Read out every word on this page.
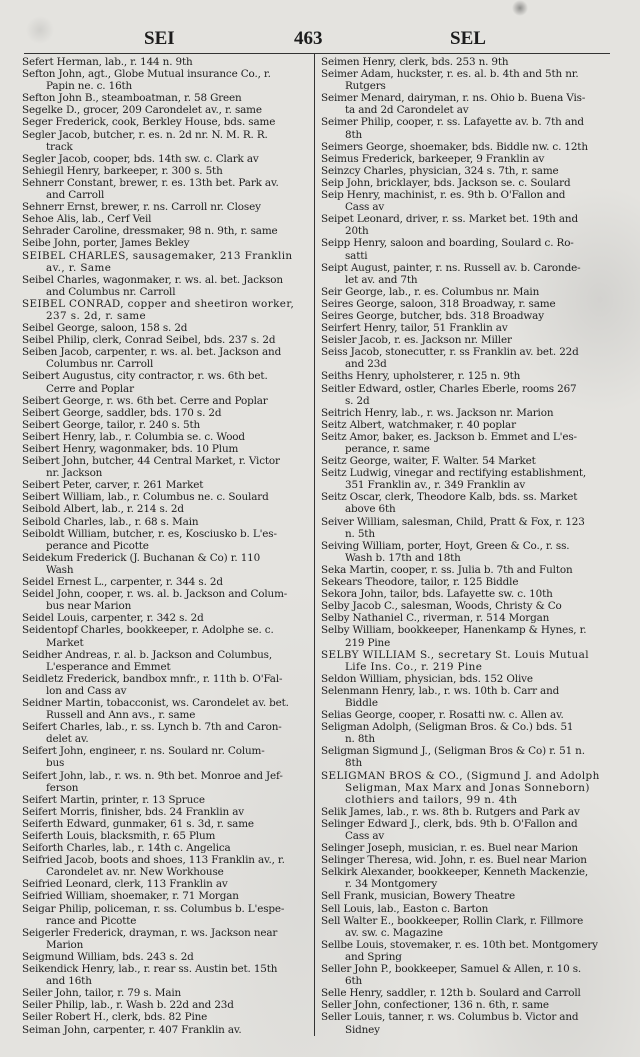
SEI	463	SEL

Sefert Herman, lab., r. 144 n. 9th

Sefton John, agt., Globe Mutual insurance Co., r.
Papin ne. c. 16th

Sefton John B., steamboatman, r. 58 Green

Segelke D., grocer, 209 Carondelet av., r. same

Seger Frederick, cook, Berkley House, bds. same

Segler Jacob, butcher, r. es. n. 2d nr. N. M. R. R.
track

Segler Jacob, cooper, bds. 14th sw. c. Clark av

Sehiegil Henry, barkeeper, r. 300 s. 5th

Sehnerr Constant, brewer, r. es. 13th bet. Park av.
and Carroll

Sehnerr Ernst, brewer, r. ns. Carroll nr. Closey

Sehoe Alis, lab., Cerf Veil

Sehrader Caroline, dressmaker, 98 n. 9th, r. same

Seibe John, porter, James Bekley

SEIBEL CHARLES, sausagemaker, 213 Franklin
av., r. Same

Seibel Charles, wagonmaker, r. ws. al. bet. Jackson
and Columbus nr. Carroll

SEIBEL CONRAD, copper and sheetiron worker,
237 s. 2d, r. same

Seibel George, saloon, 158 s. 2d

Seibel Philip, clerk, Conrad Seibel, bds. 237 s. 2d

Seiben Jacob, carpenter, r. ws. al. bet. Jackson and
Columbus nr. Carroll

Seibert Augustus, city contractor, r. ws. 6th bet.
Cerre and Poplar

Seibert George, r. ws. 6th bet. Cerre and Poplar

Seibert George, saddler, bds. 170 s. 2d

Seibert George, tailor, r. 240 s. 5th

Seibert Henry, lab., r. Columbia se. c. Wood

Seibert Henry, wagonmaker, bds. 10 Plum

Seibert John, butcher, 44 Central Market, r. Victor
nr. Jackson

Seibert Peter, carver, r. 261 Market

Seibert William, lab., r. Columbus ne. c. Soulard

Seibold Albert, lab., r. 214 s. 2d

Seibold Charles, lab., r. 68 s. Main

Seiboldt William, butcher, r. es, Kosciusko b. L'es-
perance and Picotte

Seidekum Frederick (J. Buchanan & Co) r. 110
Wash

Seidel Ernest L., carpenter, r. 344 s. 2d

Seidel John, cooper, r. ws. al. b. Jackson and Colum-
bus near Marion

Seidel Louis, carpenter, r. 342 s. 2d

Seidentopf Charles, bookkeeper, r. Adolphe se. c.
Market

Seidher Andreas, r. al. b. Jackson and Columbus,
L'esperance and Emmet

Seidletz Frederick, bandbox mnfr., r. 11th b. O'Fal-
lon and Cass av

Seidner Martin, tobacconist, ws. Carondelet av. bet.
Russell and Ann avs., r. same

Seifert Charles, lab., r. ss. Lynch b. 7th and Caron-
delet av.

Seifert John, engineer, r. ns. Soulard nr. Colum-
bus

Seifert John, lab., r. ws. n. 9th bet. Monroe and Jef-
ferson

Seifert Martin, printer, r. 13 Spruce

Seifert Morris, finisher, bds. 24 Franklin av

Seiferth Edward, gunmaker, 61 s. 3d, r. same

Seiferth Louis, blacksmith, r. 65 Plum

Seiforth Charles, lab., r. 14th c. Angelica

Seifried Jacob, boots and shoes, 113 Franklin av., r.
Carondelet av. nr. New Workhouse

Seifried Leonard, clerk, 113 Franklin av

Seifried William, shoemaker, r. 71 Morgan

Seigar Philip, policeman, r. ss. Columbus b. L'espe-
rance and Picotte

Seigerler Frederick, drayman, r. ws. Jackson near
Marion

Seigmund William, bds. 243 s. 2d

Seikendick Henry, lab., r. rear ss. Austin bet. 15th
and 16th

Seiler John, tailor, r. 79 s. Main

Seiler Philip, lab., r. Wash b. 22d and 23d

Seiler Robert H., clerk, bds. 82 Pine

Seiman John, carpenter, r. 407 Franklin av.

Seimen Henry, clerk, bds. 253 n. 9th

Seimer Adam, huckster, r. es. al. b. 4th and 5th nr.
Rutgers

Seimer Menard, dairyman, r. ns. Ohio b. Buena Vis-
ta and 2d Carondelet av

Seimer Philip, cooper, r. ss. Lafayette av. b. 7th and
8th

Seimers George, shoemaker, bds. Biddle nw. c. 12th

Seimus Frederick, barkeeper, 9 Franklin av

Seinzcy Charles, physician, 324 s. 7th, r. same

Seip John, bricklayer, bds. Jackson se. c. Soulard

Seip Henry, machinist, r. es. 9th b. O'Fallon and
Cass av

Seipet Leonard, driver, r. ss. Market bet. 19th and
20th

Seipp Henry, saloon and boarding, Soulard c. Ro-
satti

Seipt August, painter, r. ns. Russell av. b. Caronde-
let av. and 7th

Seir George, lab., r. es. Columbus nr. Main

Seires George, saloon, 318 Broadway, r. same

Seires George, butcher, bds. 318 Broadway

Seirfert Henry, tailor, 51 Franklin av

Seisler Jacob, r. es. Jackson nr. Miller

Seiss Jacob, stonecutter, r. ss Franklin av. bet. 22d
and 23d

Seiths Henry, upholsterer, r. 125 n. 9th

Seitler Edward, ostler, Charles Eberle, rooms 267
s. 2d

Seitrich Henry, lab., r. ws. Jackson nr. Marion

Seitz Albert, watchmaker, r. 40 poplar

Seitz Amor, baker, es. Jackson b. Emmet and L'es-
perance, r. same

Seitz George, waiter, F. Walter. 54 Market

Seitz Ludwig, vinegar and rectifying establishment,
351 Franklin av., r. 349 Franklin av

Seitz Oscar, clerk, Theodore Kalb, bds. ss. Market
above 6th

Seiver William, salesman, Child, Pratt & Fox, r. 123
n. 5th

Seiving William, porter, Hoyt, Green & Co., r. ss.
Wash b. 17th and 18th

Seka Martin, cooper, r. ss. Julia b. 7th and Fulton

Sekears Theodore, tailor, r. 125 Biddle

Sekora John, tailor, bds. Lafayette sw. c. 10th

Selby Jacob C., salesman, Woods, Christy & Co

Selby Nathaniel C., riverman, r. 514 Morgan

Selby William, bookkeeper, Hanenkamp & Hynes, r.
219 Pine

SELBY WILLIAM S., secretary St. Louis Mutual
Life Ins. Co., r. 219 Pine

Seldon William, physician, bds. 152 Olive

Selenmann Henry, lab., r. ws. 10th b. Carr and
Biddle

Selias George, cooper, r. Rosatti nw. c. Allen av.

Seligman Adolph, (Seligman Bros. & Co.) bds. 51
n. 8th

Seligman Sigmund J., (Seligman Bros & Co) r. 51 n.
8th

SELIGMAN BROS & CO., (Sigmund J. and Adolph
Seligman, Max Marx and Jonas Sonneborn)
clothiers and tailors, 99 n. 4th

Selik James, lab., r. ws. 8th b. Rutgers and Park av

Selinger Edward J., clerk, bds. 9th b. O'Fallon and
Cass av

Selinger Joseph, musician, r. es. Buel near Marion

Selinger Theresa, wid. John, r. es. Buel near Marion

Selkirk Alexander, bookkeeper, Kenneth Mackenzie,
r. 34 Montgomery

Sell Frank, musician, Bowery Theatre

Sell Louis, lab., Easton c. Barton

Sell Walter E., bookkeeper, Rollin Clark, r. Fillmore
av. sw. c. Magazine

Sellbe Louis, stovemaker, r. es. 10th bet. Montgomery
and Spring

Seller John P., bookkeeper, Samuel & Allen, r. 10 s.
6th

Selle Henry, saddler, r. 12th b. Soulard and Carroll

Seller John, confectioner, 136 n. 6th, r. same

Seller Louis, tanner, r. ws. Columbus b. Victor and
Sidney
